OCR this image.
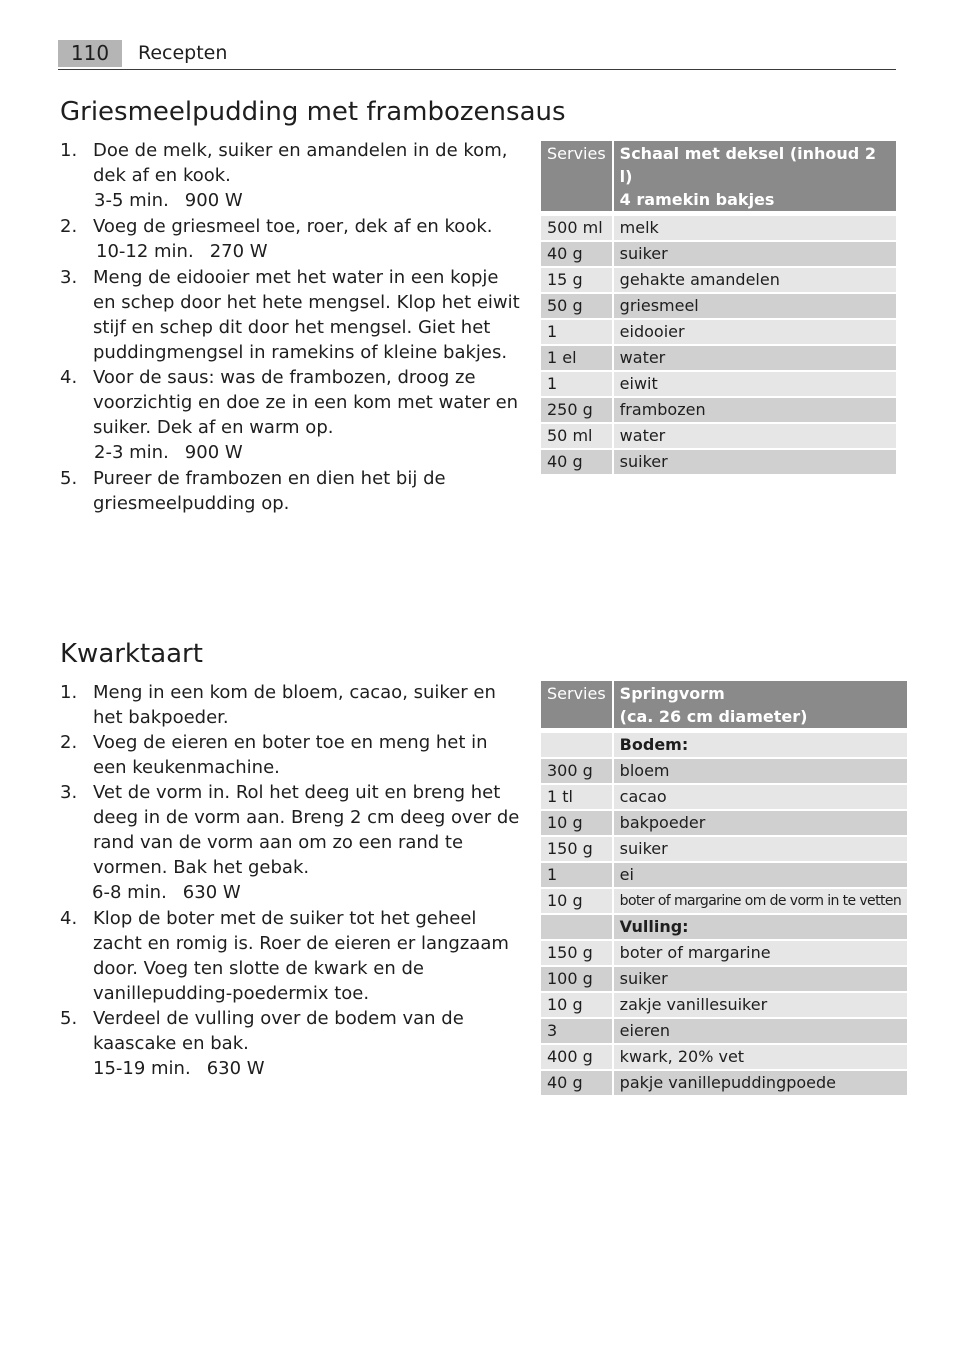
110	Recepten
Griesmeelpudding met frambozensaus
1. Doe de melk, suiker en amandelen in de kom, dek af en kook.
3-5 min. 900 W
2. Voeg de griesmeel toe, roer, dek af en kook.
10-12 min. 270 W
3. Meng de eidooier met het water in een kopje en schep door het hete mengsel. Klop het eiwit stijf en schep dit door het mengsel. Giet het puddingmengsel in ramekins of kleine bakjes.
4. Voor de saus: was de frambozen, droog ze voorzichtig en doe ze in een kom met water en suiker. Dek af en warm op.
2-3 min. 900 W
5. Pureer de frambozen en dien het bij de griesmeelpudding op.
Servies	Schaal met deksel (inhoud 2 l)
4 ramekin bakjes

500 ml	melk
40 g	suiker
15 g	gehakte amandelen
50 g	griesmeel
1	eidooier
1 el	water
1	eiwit
250 g	frambozen
50 ml	water
40 g	suiker
Kwarktaart
1. Meng in een kom de bloem, cacao, suiker en het bakpoeder.
2. Voeg de eieren en boter toe en meng het in een keukenmachine.
3. Vet de vorm in. Rol het deeg uit en breng het deeg in de vorm aan. Breng 2 cm deeg over de rand van de vorm aan om zo een rand te vormen. Bak het gebak.
6-8 min. 630 W
4. Klop de boter met de suiker tot het geheel zacht en romig is. Roer de eieren er langzaam door. Voeg ten slotte de kwark en de vanillepudding-poedermix toe.
5. Verdeel de vulling over de bodem van de kaascake en bak.
15-19 min. 630 W
Servies	Springvorm
(ca. 26 cm diameter)

	Bodem:
300 g	bloem
1 tl	cacao
10 g	bakpoeder
150 g	suiker
1	ei
10 g	boter of margarine om de vorm in te vetten
	Vulling:
150 g	boter of margarine
100 g	suiker
10 g	zakje vanillesuiker
3	eieren
400 g	kwark, 20% vet
40 g	pakje vanillepuddingpoede
